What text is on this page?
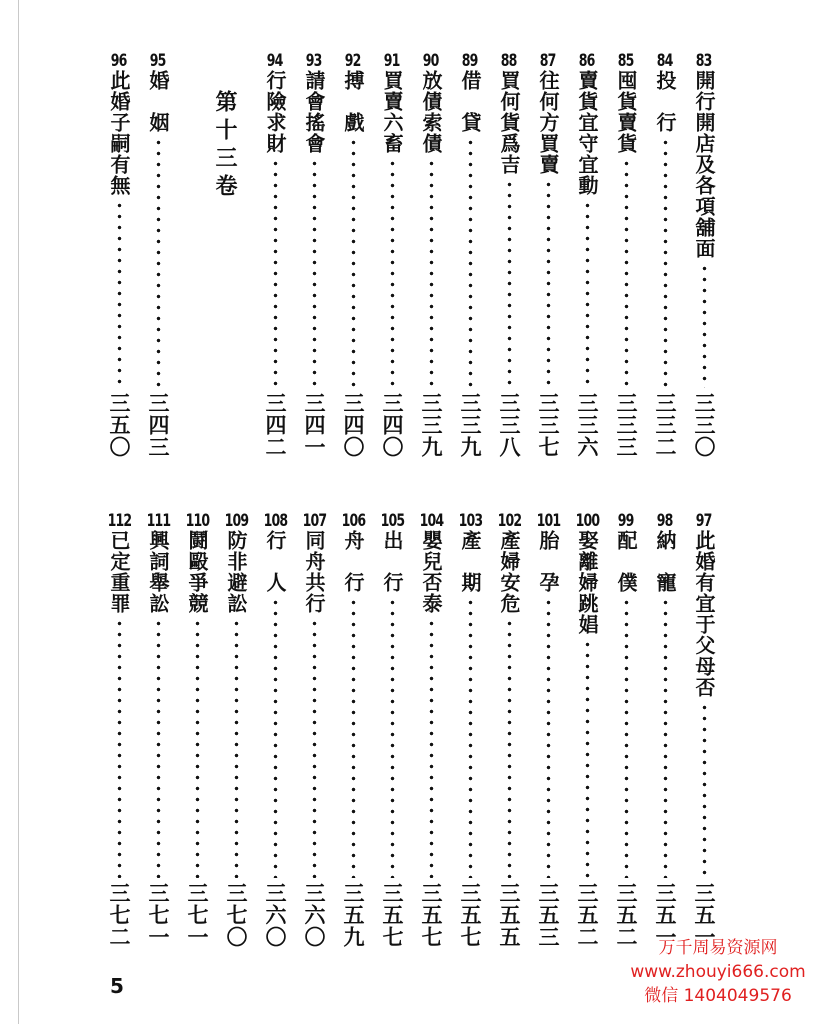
83
開行開店及各項舖面
三三〇
84
投　行
三三二
85
囤貨賣貨
三三三
86
賣貨宜守宜動
三三六
87
往何方買賣
三三七
88
買何貨爲吉
三三八
89
借　貸
三三九
90
放債索債
三三九
91
買賣六畜
三四〇
92
搏　戲
三四〇
93
請會搖會
三四一
94
行險求財
三四二
95
婚　姻
三四三
96
此婚子嗣有無
三五〇
第十三卷
97
此婚有宜于父母否
三五一
98
納　寵
三五一
99
配　僕
三五二
100
娶離婦跳娼
三五二
101
胎　孕
三五三
102
產婦安危
三五五
103
產　期
三五七
104
嬰兒否泰
三五七
105
出　行
三五七
106
舟　行
三五九
107
同舟共行
三六〇
108
行　人
三六〇
109
防非避訟
三七〇
110
鬪毆爭競
三七一
111
興詞舉訟
三七一
112
已定重罪
三七二
5
万千周易资源网
www.zhouyi666.com
微信 1404049576
